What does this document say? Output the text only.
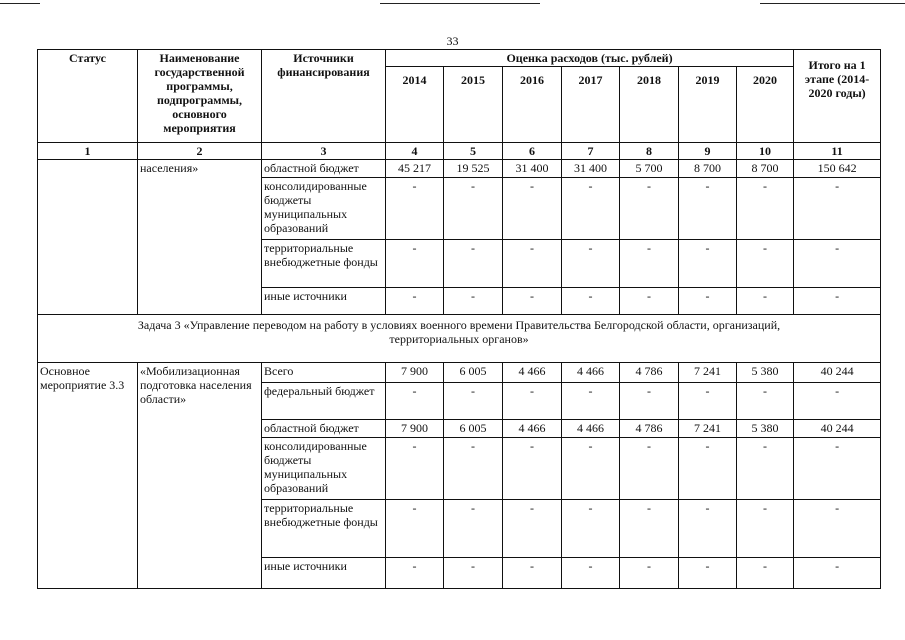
33
Статус	Наименование государственной программы, подпрограммы, основного мероприятия	Источники финансирования	Оценка расходов (тыс. рублей)							Итого на 1 этапе (2014-2020 годы)
			2014	2015	2016	2017	2018	2019	2020	
1	2	3	4	5	6	7	8	9	10	11
	населения»	областной бюджет	45 217	19 525	31 400	31 400	5 700	8 700	8 700	150 642
		консолидированные бюджеты муниципальных образований	-	-	-	-	-	-	-	-
		территориальные внебюджетные фонды	-	-	-	-	-	-	-	-
		иные источники	-	-	-	-	-	-	-	-
Задача 3 «Управление переводом на работу в условиях военного времени Правительства Белгородской области, организаций, территориальных органов»										
Основное мероприятие 3.3	«Мобилизационная подготовка населения области»	Всего	7 900	6 005	4 466	4 466	4 786	7 241	5 380	40 244
		федеральный бюджет	-	-	-	-	-	-	-	-
		областной бюджет	7 900	6 005	4 466	4 466	4 786	7 241	5 380	40 244
		консолидированные бюджеты муниципальных образований	-	-	-	-	-	-	-	-
		территориальные внебюджетные фонды	-	-	-	-	-	-	-	-
		иные источники	-	-	-	-	-	-	-	-
